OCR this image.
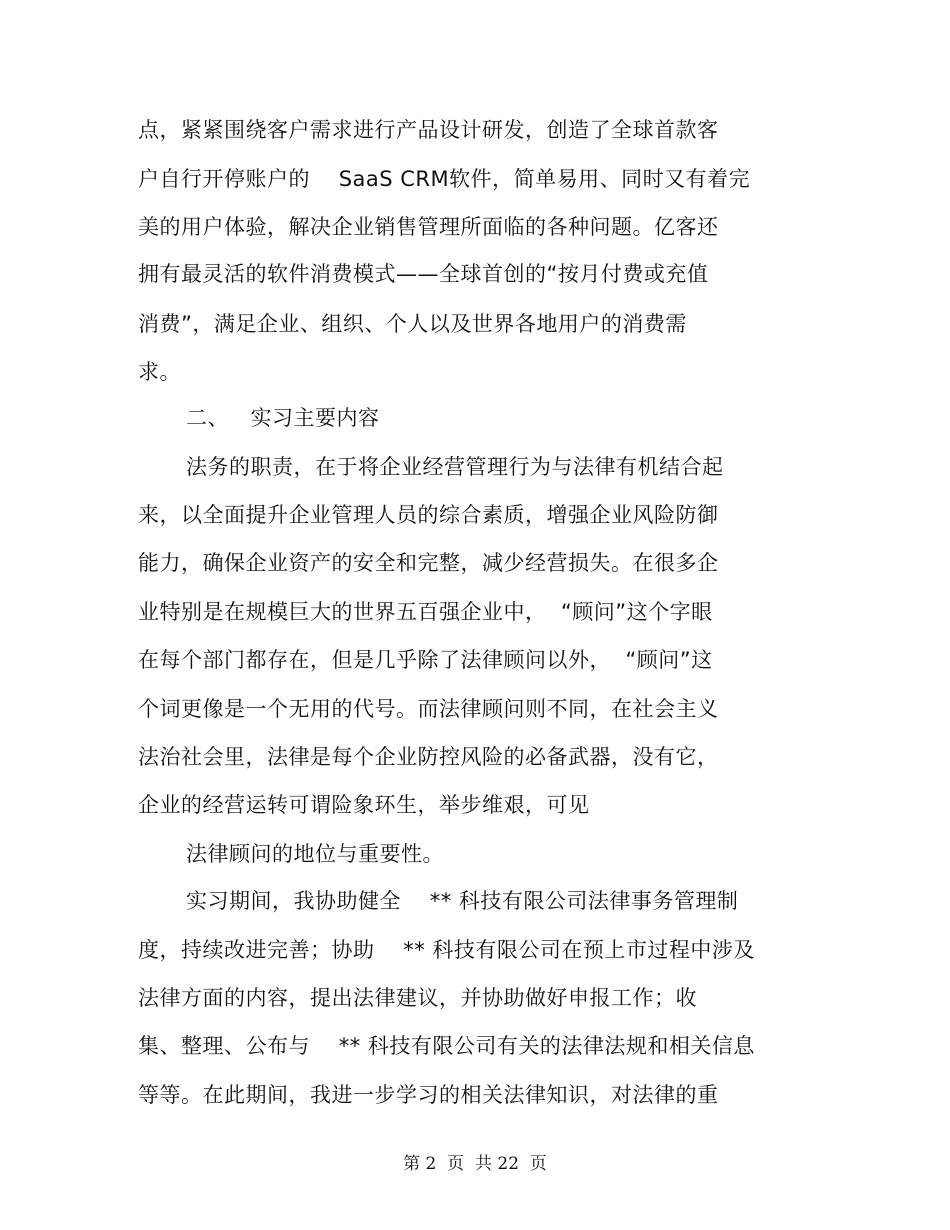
点，紧紧围绕客户需求进行产品设计研发，创造了全球首款客
户自行开停账户的    SaaS CRM软件，简单易用、同时又有着完
美的用户体验，解决企业销售管理所面临的各种问题。亿客还
拥有最灵活的软件消费模式——全球首创的“按月付费或充值
消费”，满足企业、组织、个人以及世界各地用户的消费需
求。
二、   实习主要内容
法务的职责，在于将企业经营管理行为与法律有机结合起
来，以全面提升企业管理人员的综合素质，增强企业风险防御
能力，确保企业资产的安全和完整，减少经营损失。在很多企
业特别是在规模巨大的世界五百强企业中，  “顾问”这个字眼
在每个部门都存在，但是几乎除了法律顾问以外，  “顾问”这
个词更像是一个无用的代号。而法律顾问则不同，在社会主义
法治社会里，法律是每个企业防控风险的必备武器，没有它，
企业的经营运转可谓险象环生，举步维艰，可见
法律顾问的地位与重要性。
实习期间，我协助健全    ** 科技有限公司法律事务管理制
度，持续改进完善；协助    ** 科技有限公司在预上市过程中涉及
法律方面的内容，提出法律建议，并协助做好申报工作；收
集、整理、公布与    ** 科技有限公司有关的法律法规和相关信息
等等。在此期间，我进一步学习的相关法律知识，对法律的重
第 2  页  共 22  页
